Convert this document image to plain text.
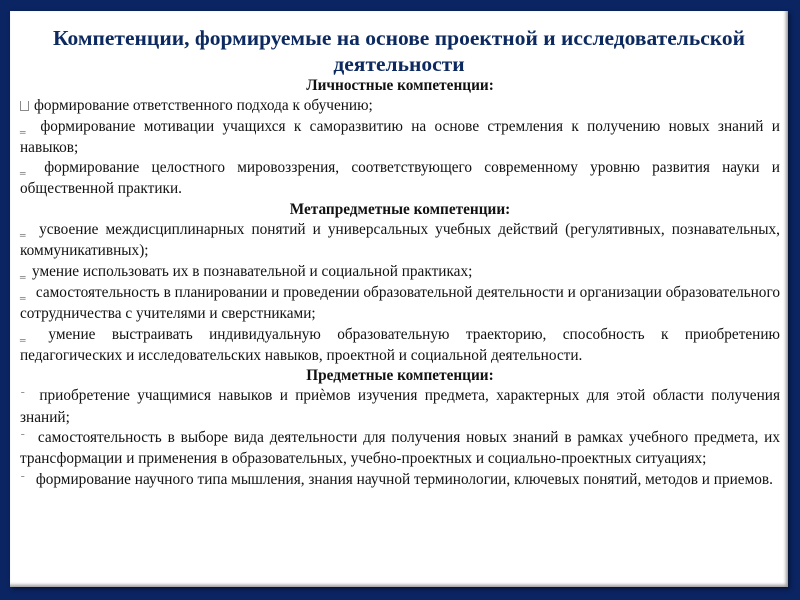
Компетенции, формируемые на основе проектной и исследовательской
деятельности

Личностные компетенции:

формирование ответственного подхода к обучению;

‗ формирование мотивации учащихся к саморазвитию на основе стремления к получению новых знаний и навыков;

‗ формирование целостного мировоззрения, соответствующего современному уровню развития науки и общественной практики.

Метапредметные компетенции:

‗ усвоение междисциплинарных понятий и универсальных учебных действий (регулятивных, познавательных, коммуникативных);

‗ умение использовать их в познавательной и социальной практиках;

‗ самостоятельность в планировании и проведении образовательной деятельности и организации образовательного сотрудничества с учителями и сверстниками;

‗ умение выстраивать индивидуальную образовательную траекторию, способность к приобретению педагогических и исследовательских навыков, проектной и социальной деятельности.

Предметные компетенции:

¯ приобретение учащимися навыков и приѐмов изучения предмета, характерных для этой области получения знаний;

¯ самостоятельность в выборе вида деятельности для получения новых знаний в рамках учебного предмета, их трансформации и применения в образовательных, учебно-проектных и социально-проектных ситуациях;

¯ формирование научного типа мышления, знания научной терминологии, ключевых понятий, методов и приемов.
